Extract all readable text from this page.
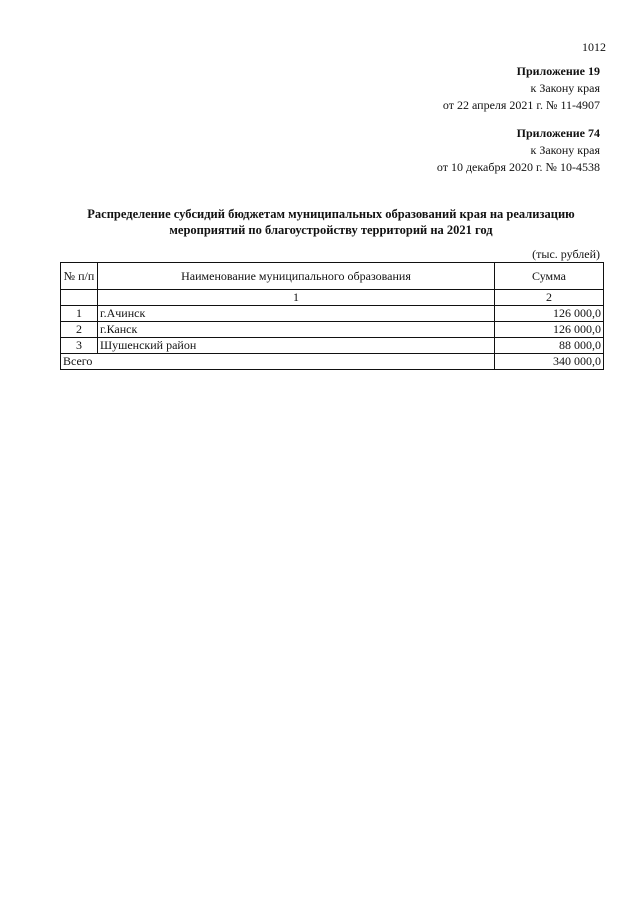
1012
Приложение 19
к Закону края
от 22 апреля 2021 г. № 11-4907
Приложение 74
к Закону края
от 10 декабря 2020 г. № 10-4538
Распределение субсидий бюджетам муниципальных образований края на реализацию
мероприятий по благоустройству территорий на 2021 год
(тыс. рублей)
№ п/п	Наименование муниципального образования	Сумма
	1	2
1	г.Ачинск	126 000,0
2	г.Канск	126 000,0
3	Шушенский район	88 000,0
Всего		340 000,0
